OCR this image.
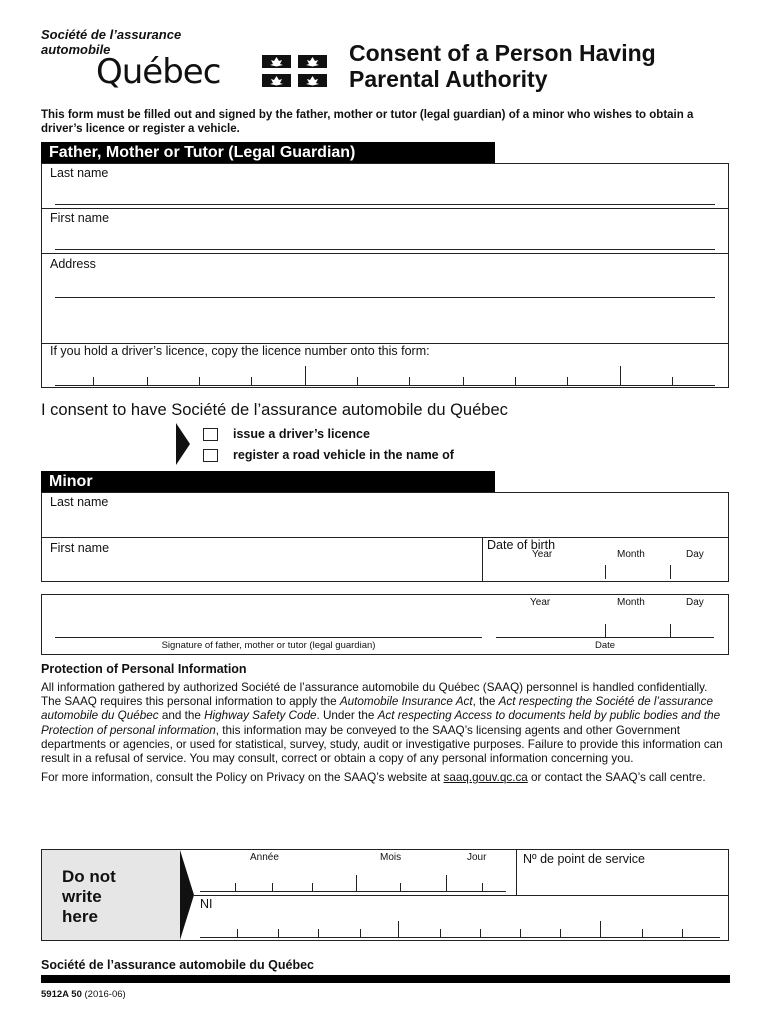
Société de l’assurance
automobile
Québec	Consent of a Person Having
Parental Authority
This form must be filled out and signed by the father, mother or tutor (legal guardian) of a minor who wishes to obtain a driver’s licence or register a vehicle.
Father, Mother or Tutor (Legal Guardian)
Last name
First name
Address
If you hold a driver’s licence, copy the licence number onto this form:
I consent to have Société de l’assurance automobile du Québec
issue a driver’s licence
register a road vehicle in the name of
Minor
Last name
First name	Date of birth
Year	Month	Day
Year	Month	Day
Signature of father, mother or tutor (legal guardian)	Date
Protection of Personal Information

All information gathered by authorized Société de l’assurance automobile du Québec (SAAQ) personnel is handled confidentially. The SAAQ requires this personal information to apply the Automobile Insurance Act, the Act respecting the Société de l’assurance automobile du Québec and the Highway Safety Code. Under the Act respecting Access to documents held by public bodies and the Protection of personal information, this information may be conveyed to the SAAQ’s licensing agents and other Government departments or agencies, or used for statistical, survey, study, audit or investigative purposes. Failure to provide this information can result in a refusal of service. You may consult, correct or obtain a copy of any personal information concerning you.

For more information, consult the Policy on Privacy on the SAAQ’s website at saaq.gouv.qc.ca or contact the SAAQ’s call centre.

Do not
write
here
Année	Mois	Jour	Nº de point de service
NI
Société de l’assurance automobile du Québec
5912A 50 (2016-06)
